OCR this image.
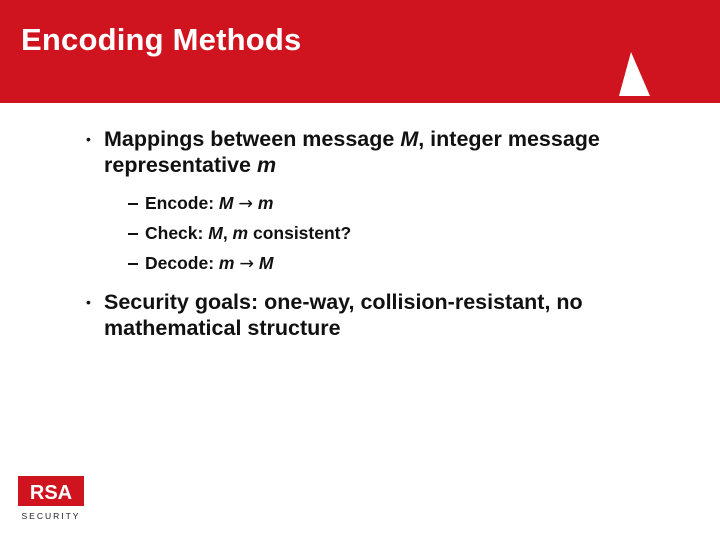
Encoding Methods
• Mappings between message M, integer message
representative m
Encode: M → m
Check: M, m consistent?
Decode: m → M
• Security goals: one-way, collision-resistant, no
mathematical structure
RSA
SECURITY
